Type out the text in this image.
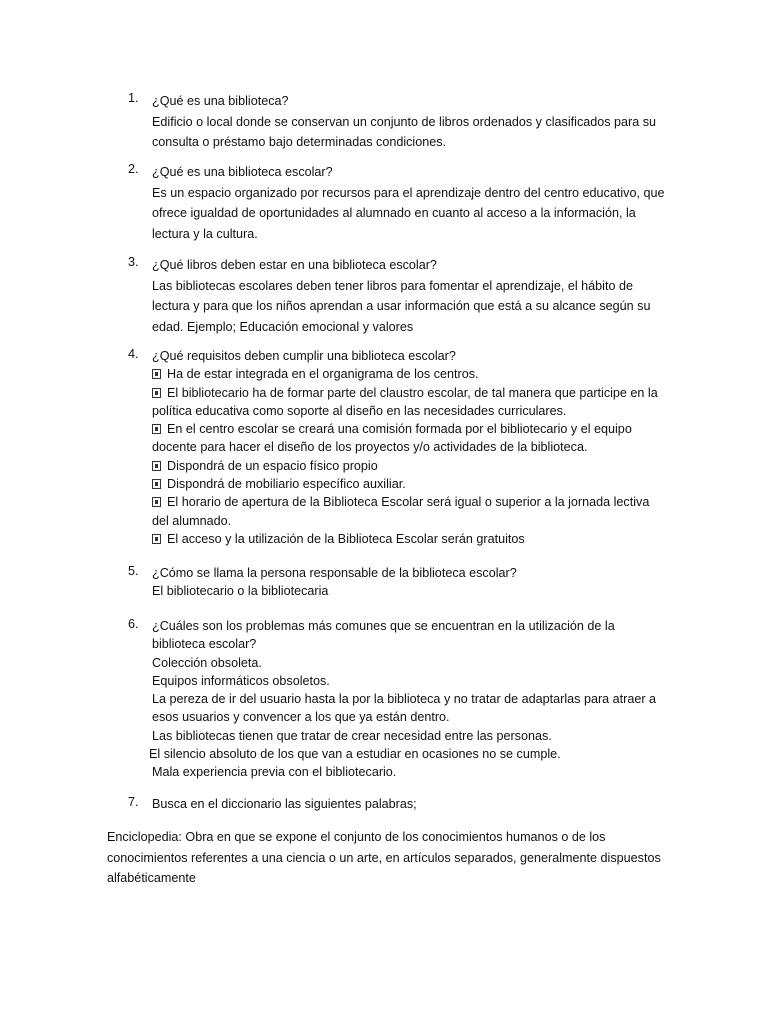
1. ¿Qué es una biblioteca?
Edificio o local donde se conservan un conjunto de libros ordenados y clasificados para su
consulta o préstamo bajo determinadas condiciones.
2. ¿Qué es una biblioteca escolar?
Es un espacio organizado por recursos para el aprendizaje dentro del centro educativo, que
ofrece igualdad de oportunidades al alumnado en cuanto al acceso a la información, la
lectura y la cultura.
3. ¿Qué libros deben estar en una biblioteca escolar?
Las bibliotecas escolares deben tener libros para fomentar el aprendizaje, el hábito de
lectura y para que los niños aprendan a usar información que está a su alcance según su
edad. Ejemplo; Educación emocional y valores
4. ¿Qué requisitos deben cumplir una biblioteca escolar?
Ha de estar integrada en el organigrama de los centros.
El bibliotecario ha de formar parte del claustro escolar, de tal manera que participe en la
política educativa como soporte al diseño en las necesidades curriculares.
En el centro escolar se creará una comisión formada por el bibliotecario y el equipo
docente para hacer el diseño de los proyectos y/o actividades de la biblioteca.
Dispondrá de un espacio físico propio
Dispondrá de mobiliario específico auxiliar.
El horario de apertura de la Biblioteca Escolar será igual o superior a la jornada lectiva
del alumnado.
El acceso y la utilización de la Biblioteca Escolar serán gratuitos
5. ¿Cómo se llama la persona responsable de la biblioteca escolar?
El bibliotecario o la bibliotecaria
6. ¿Cuáles son los problemas más comunes que se encuentran en la utilización de la
biblioteca escolar?
Colección obsoleta.
Equipos informáticos obsoletos.
La pereza de ir del usuario hasta la por la biblioteca y no tratar de adaptarlas para atraer a
esos usuarios y convencer a los que ya están dentro.
Las bibliotecas tienen que tratar de crear necesidad entre las personas.
El silencio absoluto de los que van a estudiar en ocasiones no se cumple.
Mala experiencia previa con el bibliotecario.
7. Busca en el diccionario las siguientes palabras;
Enciclopedia: Obra en que se expone el conjunto de los conocimientos humanos o de los
conocimientos referentes a una ciencia o un arte, en artículos separados, generalmente dispuestos
alfabéticamente
